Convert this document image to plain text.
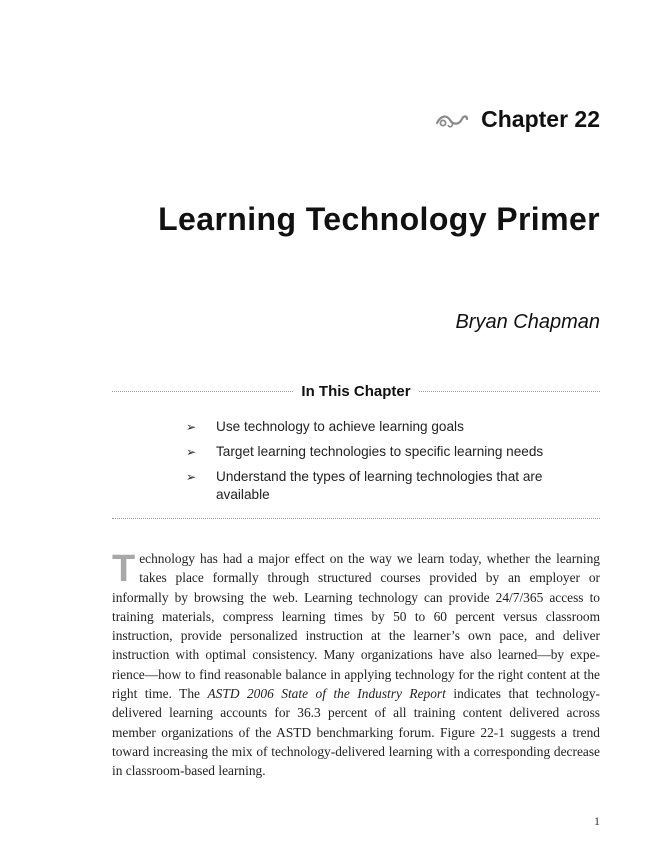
Chapter 22
Learning Technology Primer
Bryan Chapman
In This Chapter
➢	Use technology to achieve learning goals
➢	Target learning technologies to specific learning needs
➢	Understand the types of learning technologies that are available

Technology has had a major effect on the way we learn today, whether the learning takes place formally through structured courses provided by an employer or informally by browsing the web. Learning technology can provide 24/7/365 access to training materials, compress learning times by 50 to 60 percent versus classroom instruction, provide personalized instruction at the learner’s own pace, and deliver instruction with optimal consistency. Many organizations have also learned—by experience—how to find reasonable balance in applying technology for the right content at the right time. The ASTD 2006 State of the Industry Report indicates that technology-delivered learning accounts for 36.3 percent of all training content delivered across member organizations of the ASTD benchmarking forum. Figure 22-1 suggests a trend toward increasing the mix of technology-delivered learning with a corresponding decrease in classroom-based learning.

1
